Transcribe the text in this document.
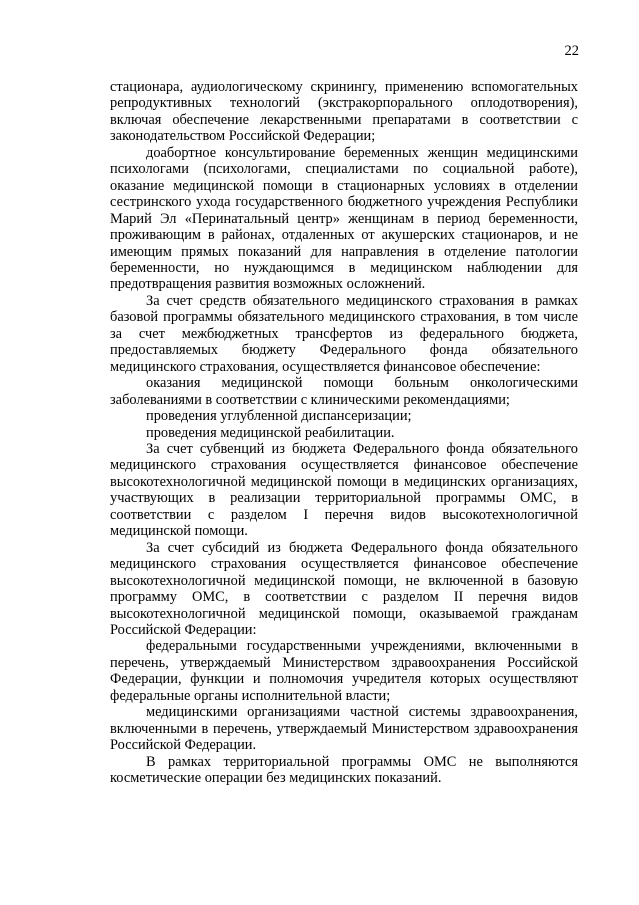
22

стационара, аудиологическому скринингу, применению вспомогательных репродуктивных технологий (экстракорпорального оплодотворения), включая обеспечение лекарственными препаратами в соответствии с законодательством Российской Федерации;

доабортное консультирование беременных женщин медицинскими психологами (психологами, специалистами по социальной работе), оказание медицинской помощи в стационарных условиях в отделении сестринского ухода государственного бюджетного учреждения Республики Марий Эл «Перинатальный центр» женщинам в период беременности, проживающим в районах, отдаленных от акушерских стационаров, и не имеющим прямых показаний для направления в отделение патологии беременности, но нуждающимся в медицинском наблюдении для предотвращения развития возможных осложнений.

За счет средств обязательного медицинского страхования в рамках базовой программы обязательного медицинского страхования, в том числе за счет межбюджетных трансфертов из федерального бюджета, предоставляемых бюджету Федерального фонда обязательного медицинского страхования, осуществляется финансовое обеспечение:

оказания медицинской помощи больным онкологическими заболеваниями в соответствии с клиническими рекомендациями;

проведения углубленной диспансеризации;

проведения медицинской реабилитации.

За счет субвенций из бюджета Федерального фонда обязательного медицинского страхования осуществляется финансовое обеспечение высокотехнологичной медицинской помощи в медицинских организациях, участвующих в реализации территориальной программы ОМС, в соответствии с разделом I перечня видов высокотехнологичной медицинской помощи.

За счет субсидий из бюджета Федерального фонда обязательного медицинского страхования осуществляется финансовое обеспечение высокотехнологичной медицинской помощи, не включенной в базовую программу ОМС, в соответствии с разделом II перечня видов высокотехнологичной медицинской помощи, оказываемой гражданам Российской Федерации:

федеральными государственными учреждениями, включенными в перечень, утверждаемый Министерством здравоохранения Российской Федерации, функции и полномочия учредителя которых осуществляют федеральные органы исполнительной власти;

медицинскими организациями частной системы здравоохранения, включенными в перечень, утверждаемый Министерством здравоохранения Российской Федерации.

В рамках территориальной программы ОМС не выполняются косметические операции без медицинских показаний.
